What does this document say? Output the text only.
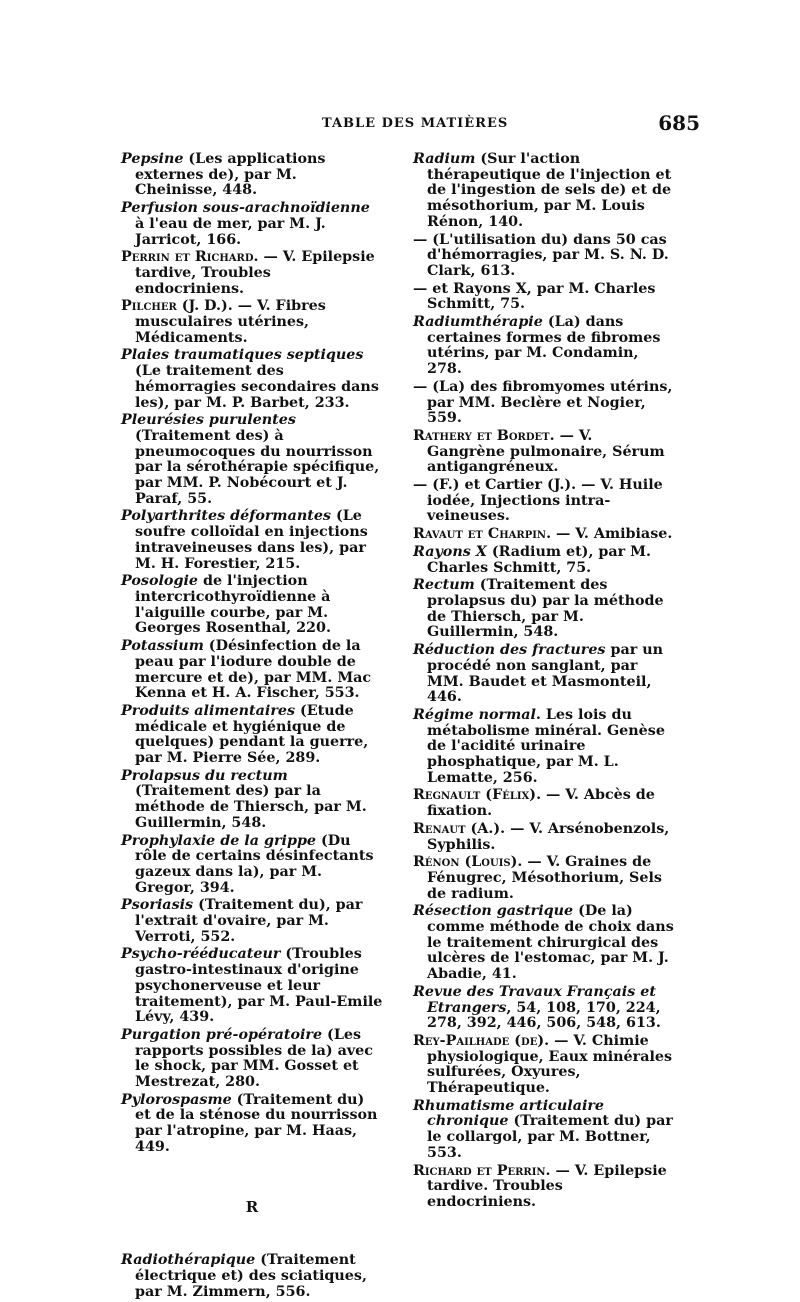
TABLE DES MATIÈRES	685
Pepsine (Les applications externes de), par M. Cheinisse, 448.
Perfusion sous-arachnoïdienne à l'eau de mer, par M. J. Jarricot, 166.
Perrin et Richard. — V. Epilepsie tardive, Troubles endocriniens.
Pilcher (J. D.). — V. Fibres musculaires utérines, Médicaments.
Plaies traumatiques septiques (Le traitement des hémorragies secondaires dans les), par M. P. Barbet, 233.
Pleurésies purulentes (Traitement des) à pneumocoques du nourrisson par la sérothérapie spécifique, par MM. P. Nobécourt et J. Paraf, 55.
Polyarthrites déformantes (Le soufre colloïdal en injections intraveineuses dans les), par M. H. Forestier, 215.
Posologie de l'injection intercricothyroïdienne à l'aiguille courbe, par M. Georges Rosenthal, 220.
Potassium (Désinfection de la peau par l'iodure double de mercure et de), par MM. Mac Kenna et H. A. Fischer, 553.
Produits alimentaires (Etude médicale et hygiénique de quelques) pendant la guerre, par M. Pierre Sée, 289.
Prolapsus du rectum (Traitement des) par la méthode de Thiersch, par M. Guillermin, 548.
Prophylaxie de la grippe (Du rôle de certains désinfectants gazeux dans la), par M. Gregor, 394.
Psoriasis (Traitement du), par l'extrait d'ovaire, par M. Verroti, 552.
Psycho-rééducateur (Troubles gastro-intestinaux d'origine psychonerveuse et leur traitement), par M. Paul-Emile Lévy, 439.
Purgation pré-opératoire (Les rapports possibles de la) avec le shock, par MM. Gosset et Mestrezat, 280.
Pylorospasme (Traitement du) et de la sténose du nourrisson par l'atropine, par M. Haas, 449.
R
Radiothérapique (Traitement électrique et) des sciatiques, par M. Zimmern, 556.
Radium (Sur l'action thérapeutique de l'injection et de l'ingestion de sels de) et de mésothorium, par M. Louis Rénon, 140.
— (L'utilisation du) dans 50 cas d'hémorragies, par M. S. N. D. Clark, 613.
— et Rayons X, par M. Charles Schmitt, 75.
Radiumthérapie (La) dans certaines formes de fibromes utérins, par M. Condamin, 278.
— (La) des fibromyomes utérins, par MM. Beclère et Nogier, 559.
Rathery et Bordet. — V. Gangrène pulmonaire, Sérum antigangréneux.
— (F.) et Cartier (J.). — V. Huile iodée, Injections intra-veineuses.
Ravaut et Charpin. — V. Amibiase.
Rayons X (Radium et), par M. Charles Schmitt, 75.
Rectum (Traitement des prolapsus du) par la méthode de Thiersch, par M. Guillermin, 548.
Réduction des fractures par un procédé non sanglant, par MM. Baudet et Masmonteil, 446.
Régime normal. Les lois du métabolisme minéral. Genèse de l'acidité urinaire phosphatique, par M. L. Lematte, 256.
Regnault (Félix). — V. Abcès de fixation.
Renaut (A.). — V. Arsénobenzols, Syphilis.
Rénon (Louis). — V. Graines de Fénugrec, Mésothorium, Sels de radium.
Résection gastrique (De la) comme méthode de choix dans le traitement chirurgical des ulcères de l'estomac, par M. J. Abadie, 41.
Revue des Travaux Français et Etrangers, 54, 108, 170, 224, 278, 392, 446, 506, 548, 613.
Rey-Pailhade (de). — V. Chimie physiologique, Eaux minérales sulfurées, Oxyures, Thérapeutique.
Rhumatisme articulaire chronique (Traitement du) par le collargol, par M. Bottner, 553.
Richard et Perrin. — V. Epilepsie tardive. Troubles endocriniens.
